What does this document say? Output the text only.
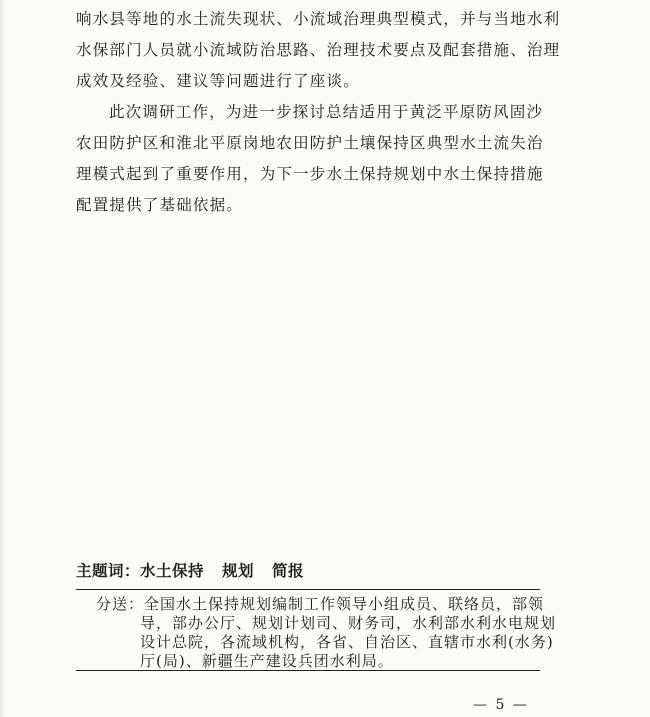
响水县等地的水土流失现状、小流域治理典型模式，并与当地水利
水保部门人员就小流域防治思路、治理技术要点及配套措施、治理
成效及经验、建议等问题进行了座谈。
此次调研工作，为进一步探讨总结适用于黄泛平原防风固沙
农田防护区和淮北平原岗地农田防护土壤保持区典型水土流失治
理模式起到了重要作用，为下一步水土保持规划中水土保持措施
配置提供了基础依据。
主题词：水土保持 规划 简报
分送：全国水土保持规划编制工作领导小组成员、联络员，部领
导，部办公厅、规划计划司、财务司，水利部水利水电规划
设计总院，各流域机构，各省、自治区、直辖市水利(水务)
厅(局)、新疆生产建设兵团水利局。
— 5 —
